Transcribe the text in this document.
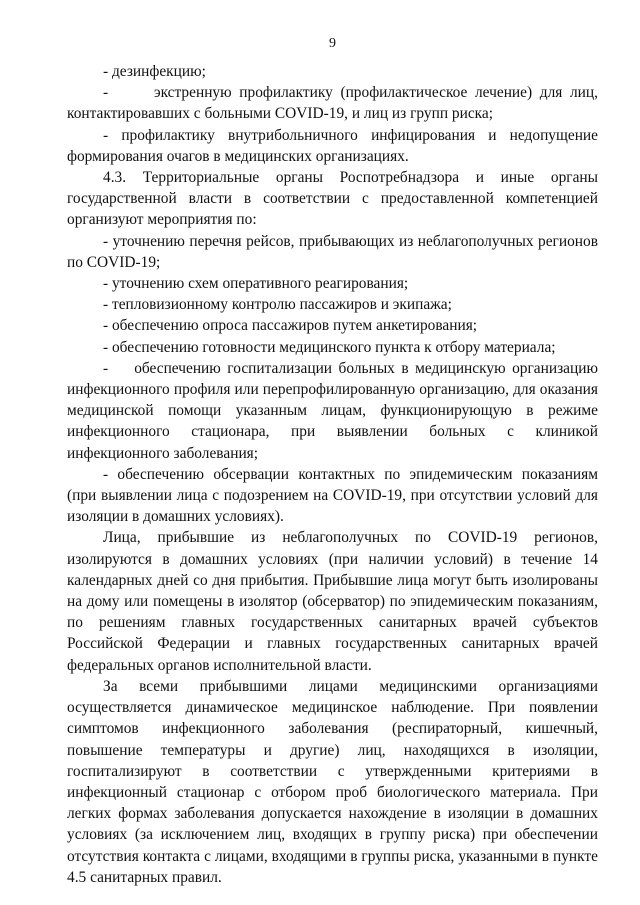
9

- дезинфекцию;

-      экстренную профилактику (профилактическое лечение) для лиц, контактировавших с больными COVID-19, и лиц из групп риска;

- профилактику внутрибольничного инфицирования и недопущение формирования очагов в медицинских организациях.

4.3. Территориальные органы Роспотребнадзора и иные органы государственной власти в соответствии с предоставленной компетенцией организуют мероприятия по:

- уточнению перечня рейсов, прибывающих из неблагополучных регионов по COVID-19;

- уточнению схем оперативного реагирования;

- тепловизионному контролю пассажиров и экипажа;

- обеспечению опроса пассажиров путем анкетирования;

- обеспечению готовности медицинского пункта к отбору материала;

-    обеспечению госпитализации больных в медицинскую организацию инфекционного профиля или перепрофилированную организацию, для оказания медицинской помощи указанным лицам, функционирующую в режиме инфекционного стационара, при выявлении больных с клиникой инфекционного заболевания;

- обеспечению обсервации контактных по эпидемическим показаниям (при выявлении лица с подозрением на COVID-19, при отсутствии условий для изоляции в домашних условиях).

Лица, прибывшие из неблагополучных по COVID-19 регионов, изолируются в домашних условиях (при наличии условий) в течение 14 календарных дней со дня прибытия. Прибывшие лица могут быть изолированы на дому или помещены в изолятор (обсерватор) по эпидемическим показаниям, по решениям главных государственных санитарных врачей субъектов Российской Федерации и главных государственных санитарных врачей федеральных органов исполнительной власти.

За всеми прибывшими лицами медицинскими организациями осуществляется динамическое медицинское наблюдение. При появлении симптомов инфекционного заболевания (респираторный, кишечный, повышение температуры и другие) лиц, находящихся в изоляции, госпитализируют в соответствии с утвержденными критериями в инфекционный стационар с отбором проб биологического материала. При легких формах заболевания допускается нахождение в изоляции в домашних условиях (за исключением лиц, входящих в группу риска) при обеспечении отсутствия контакта с лицами, входящими в группы риска, указанными в пункте 4.5 санитарных правил.
